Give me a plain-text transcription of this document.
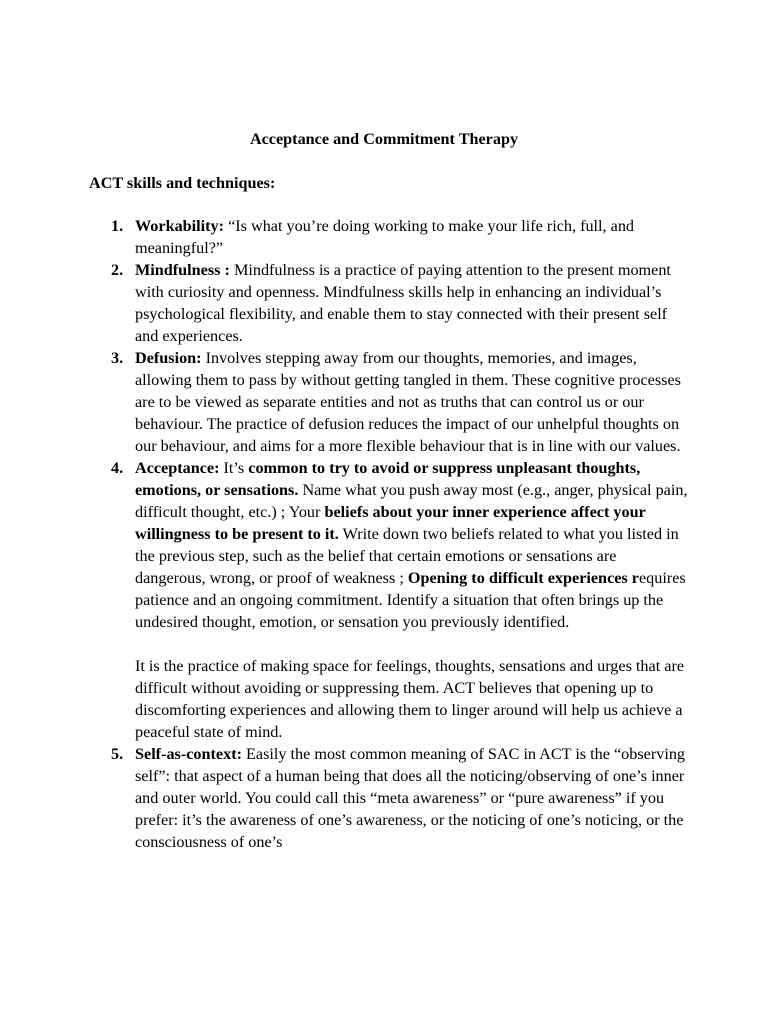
Acceptance and Commitment Therapy
ACT skills and techniques:
1. Workability: “Is what you’re doing working to make your life rich, full, and meaningful?”
2. Mindfulness : Mindfulness is a practice of paying attention to the present moment with curiosity and openness. Mindfulness skills help in enhancing an individual’s psychological flexibility, and enable them to stay connected with their present self and experiences.
3. Defusion: Involves stepping away from our thoughts, memories, and images, allowing them to pass by without getting tangled in them. These cognitive processes are to be viewed as separate entities and not as truths that can control us or our behaviour. The practice of defusion reduces the impact of our unhelpful thoughts on our behaviour, and aims for a more flexible behaviour that is in line with our values.
4. Acceptance: It’s common to try to avoid or suppress unpleasant thoughts, emotions, or sensations. Name what you push away most (e.g., anger, physical pain, difficult thought, etc.) ; Your beliefs about your inner experience affect your willingness to be present to it. Write down two beliefs related to what you listed in the previous step, such as the belief that certain emotions or sensations are dangerous, wrong, or proof of weakness ; Opening to difficult experiences requires patience and an ongoing commitment. Identify a situation that often brings up the undesired thought, emotion, or sensation you previously identified.
It is the practice of making space for feelings, thoughts, sensations and urges that are difficult without avoiding or suppressing them. ACT believes that opening up to discomforting experiences and allowing them to linger around will help us achieve a peaceful state of mind.
5. Self-as-context: Easily the most common meaning of SAC in ACT is the “observing self”: that aspect of a human being that does all the noticing/observing of one’s inner and outer world. You could call this “meta awareness” or “pure awareness” if you prefer: it’s the awareness of one’s awareness, or the noticing of one’s noticing, or the consciousness of one’s
